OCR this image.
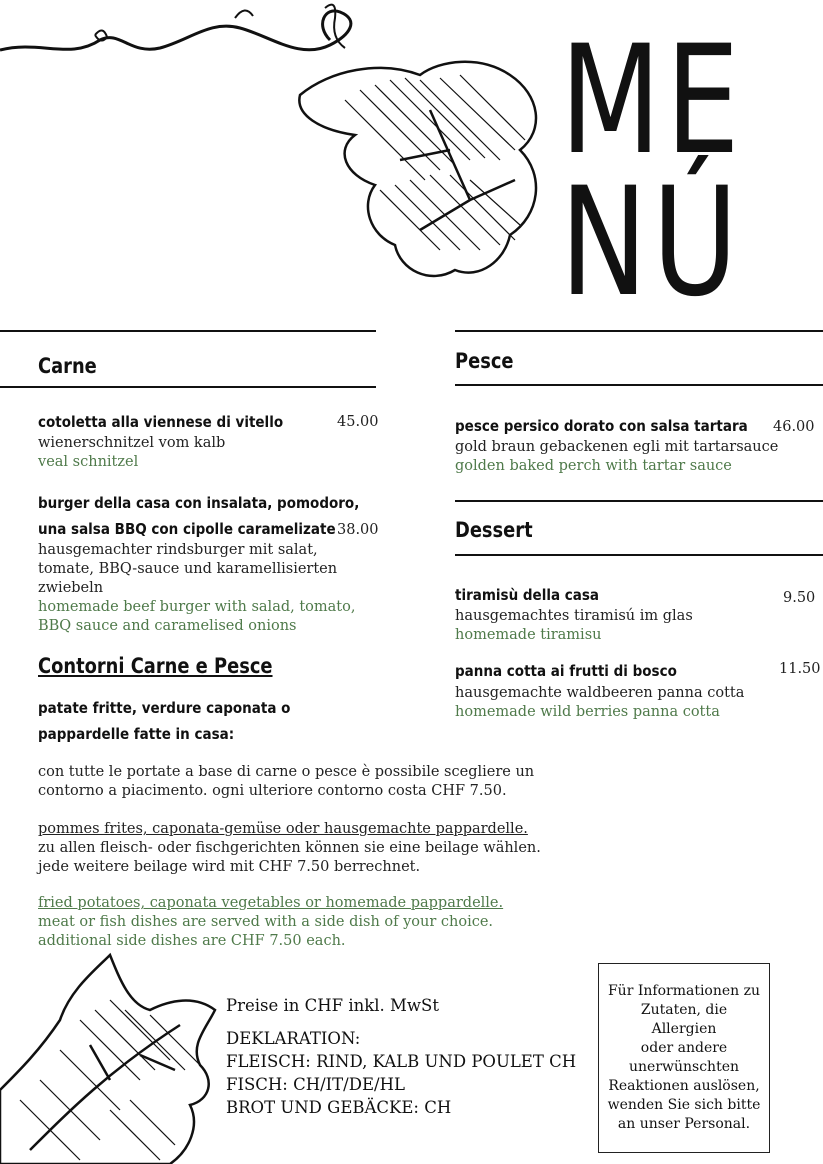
ME
NÚ
Carne
cotoletta alla viennese di vitello	45.00
wienerschnitzel vom kalb
veal schnitzel
burger della casa con insalata, pomodoro,
una salsa BBQ con cipolle caramelizate 38.00
hausgemachter rindsburger mit salat,
tomate, BBQ-sauce und karamellisierten
zwiebeln
homemade beef burger with salad, tomato,
BBQ sauce and caramelised onions
Contorni Carne e Pesce
patate fritte, verdure caponata o
pappardelle fatte in casa:
con tutte le portate a base di carne o pesce è possibile scegliere un
contorno a piacimento. ogni ulteriore contorno costa CHF 7.50.
pommes frites, caponata-gemüse oder hausgemachte pappardelle.
zu allen fleisch- oder fischgerichten können sie eine beilage wählen.
jede weitere beilage wird mit CHF 7.50 berrechnet.
fried potatoes, caponata vegetables or homemade pappardelle.
meat or fish dishes are served with a side dish of your choice.
additional side dishes are CHF 7.50 each.
Pesce
pesce persico dorato con salsa tartara 46.00
gold braun gebackenen egli mit tartarsauce
golden baked perch with tartar sauce
Dessert
tiramisù della casa	9.50
hausgemachtes tiramisú im glas
homemade tiramisu
panna cotta ai frutti di bosco	11.50
hausgemachte waldbeeren panna cotta
homemade wild berries panna cotta
Preise in CHF inkl. MwSt
DEKLARATION:
FLEISCH: RIND, KALB UND POULET CH
FISCH: CH/IT/DE/HL
BROT UND GEBÄCKE: CH
Für Informationen zu
Zutaten, die Allergien
oder andere
unerwünschten
Reaktionen auslösen,
wenden Sie sich bitte
an unser Personal.
